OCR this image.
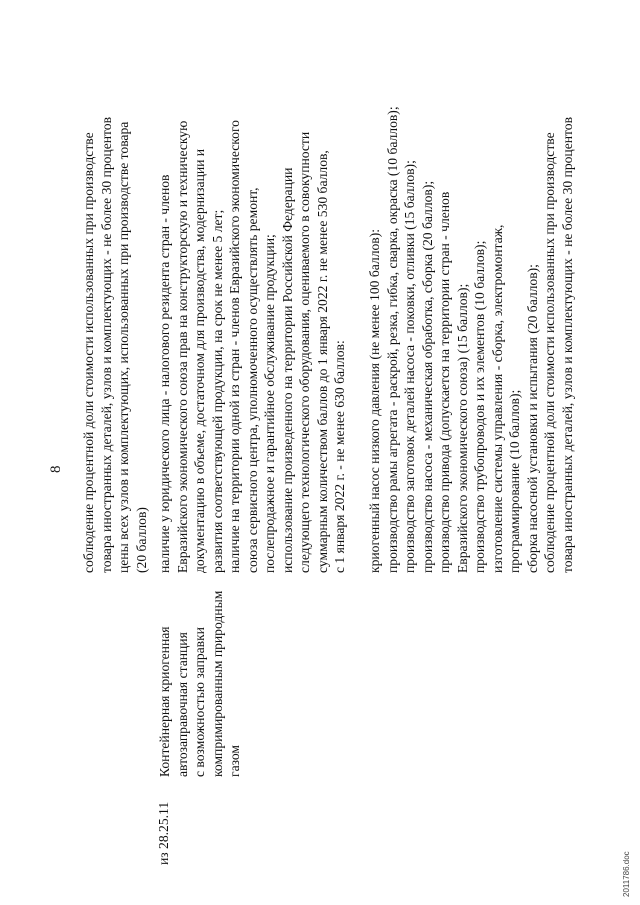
8 соблюдение процентной доли стоимости использованных при производстве товара иностранных деталей, узлов и комплектующих - не более 30 процентов цены всех узлов и комплектующих, использованных при производстве товара (20 баллов)
из 28.25.11
Контейнерная криогенная автозаправочная станция с возможностью заправки компримированным природным газом
наличие у юридического лица - налогового резидента стран - членов Евразийского экономического союза прав на конструкторскую и техническую документацию в объеме, достаточном для производства, модернизации и развития соответствующей продукции, на срок не менее 5 лет; наличие на территории одной из стран - членов Евразийского экономического союза сервисного центра, уполномоченного осуществлять ремонт, послепродажное и гарантийное обслуживание продукции; использование произведенного на территории Российской Федерации следующего технологического оборудования, оцениваемого в совокупности суммарным количеством баллов до 1 января 2022 г. не менее 530 баллов, с 1 января 2022 г. - не менее 630 баллов: криогенный насос низкого давления (не менее 100 баллов): производство рамы агрегата - раскрой, резка, гибка, сварка, окраска (10 баллов); производство заготовок деталей насоса - поковки, отливки (15 баллов); производство насоса - механическая обработка, сборка (20 баллов); производство привода (допускается на территории стран - членов Евразийского экономического союза) (15 баллов); производство трубопроводов и их элементов (10 баллов); изготовление системы управления - сборка, электромонтаж, программирование (10 баллов); сборка насосной установки и испытания (20 баллов); соблюдение процентной доли стоимости использованных при производстве товара иностранных деталей, узлов и комплектующих - не более 30 процентов
2011786.doc
